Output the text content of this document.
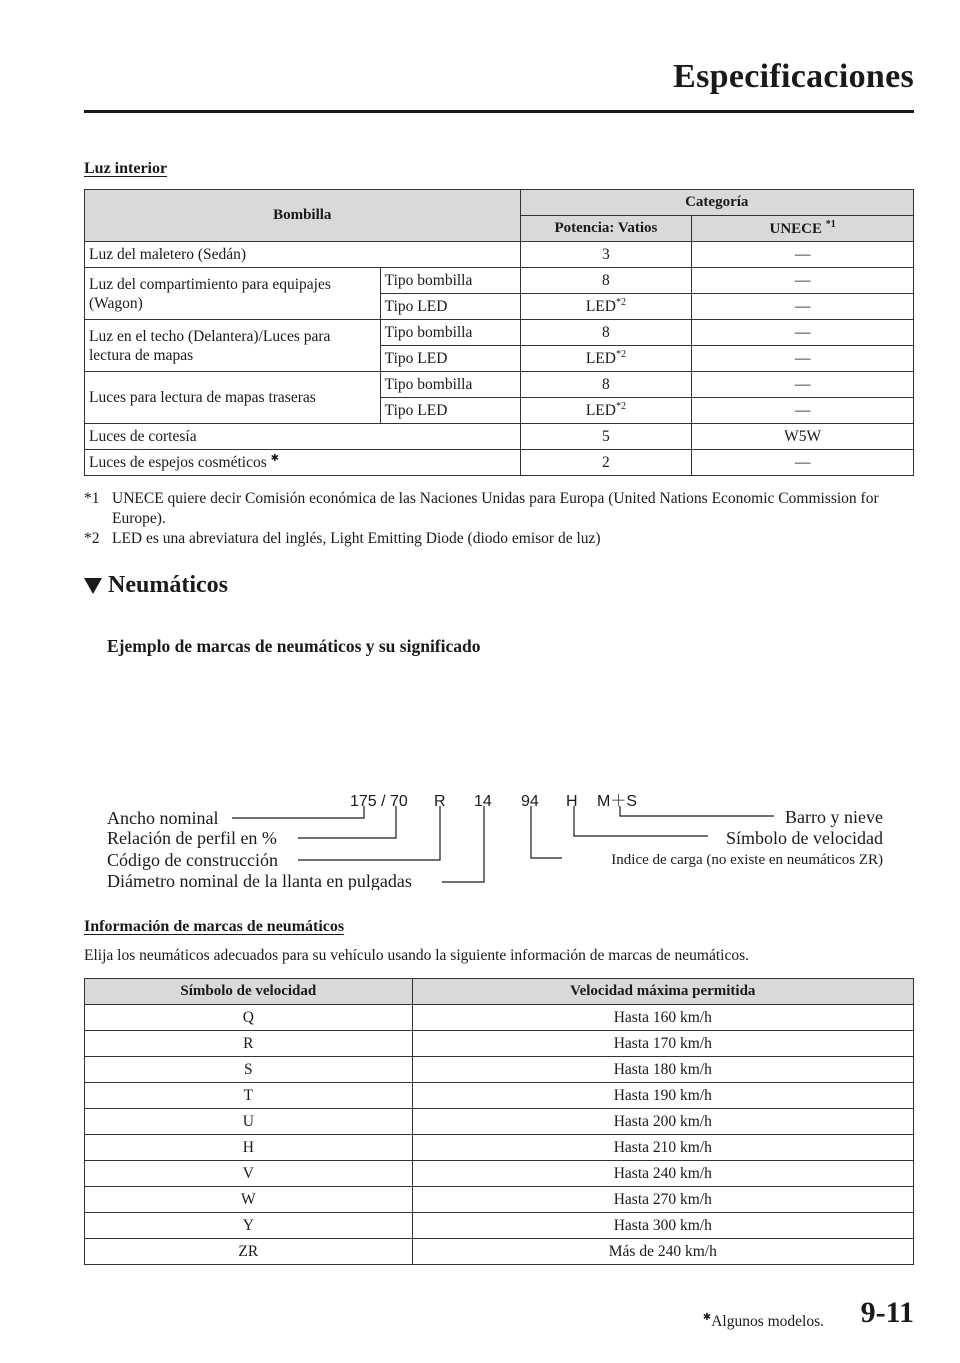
Especificaciones
Luz interior
Bombilla		Categoría	
		Potencia: Vatios	UNECE $^{*1}$
Luz del maletero (Sedán)		3	—
Luz del compartimiento para equipajes (Wagon)	Tipo bombilla	8	—
	Tipo LED	LED$^{*2}$	—
Luz en el techo (Delantera)/Luces para lectura de mapas	Tipo bombilla	8	—
	Tipo LED	LED$^{*2}$	—
Luces para lectura de mapas traseras	Tipo bombilla	8	—
	Tipo LED	LED$^{*2}$	—
Luces de cortesía		5	W5W
Luces de espejos cosméticos ✱		2	—
*1 UNECE quiere decir Comisión económica de las Naciones Unidas para Europa (United Nations Economic Commission for Europe).
*2 LED es una abreviatura del inglés, Light Emitting Diode (diodo emisor de luz)
Neumáticos
Ejemplo de marcas de neumáticos y su significado
175 / 70 R 14 94 H M＋S
Ancho nominal
Relación de perfil en %
Código de construcción
Diámetro nominal de la llanta en pulgadas
Barro y nieve
Símbolo de velocidad
Indice de carga (no existe en neumáticos ZR)
Información de marcas de neumáticos
Elija los neumáticos adecuados para su vehículo usando la siguiente información de marcas de neumáticos.
Símbolo de velocidad	Velocidad máxima permitida
Q	Hasta 160 km/h
R	Hasta 170 km/h
S	Hasta 180 km/h
T	Hasta 190 km/h
U	Hasta 200 km/h
H	Hasta 210 km/h
V	Hasta 240 km/h
W	Hasta 270 km/h
Y	Hasta 300 km/h
ZR	Más de 240 km/h
✱Algunos modelos. 9-11
